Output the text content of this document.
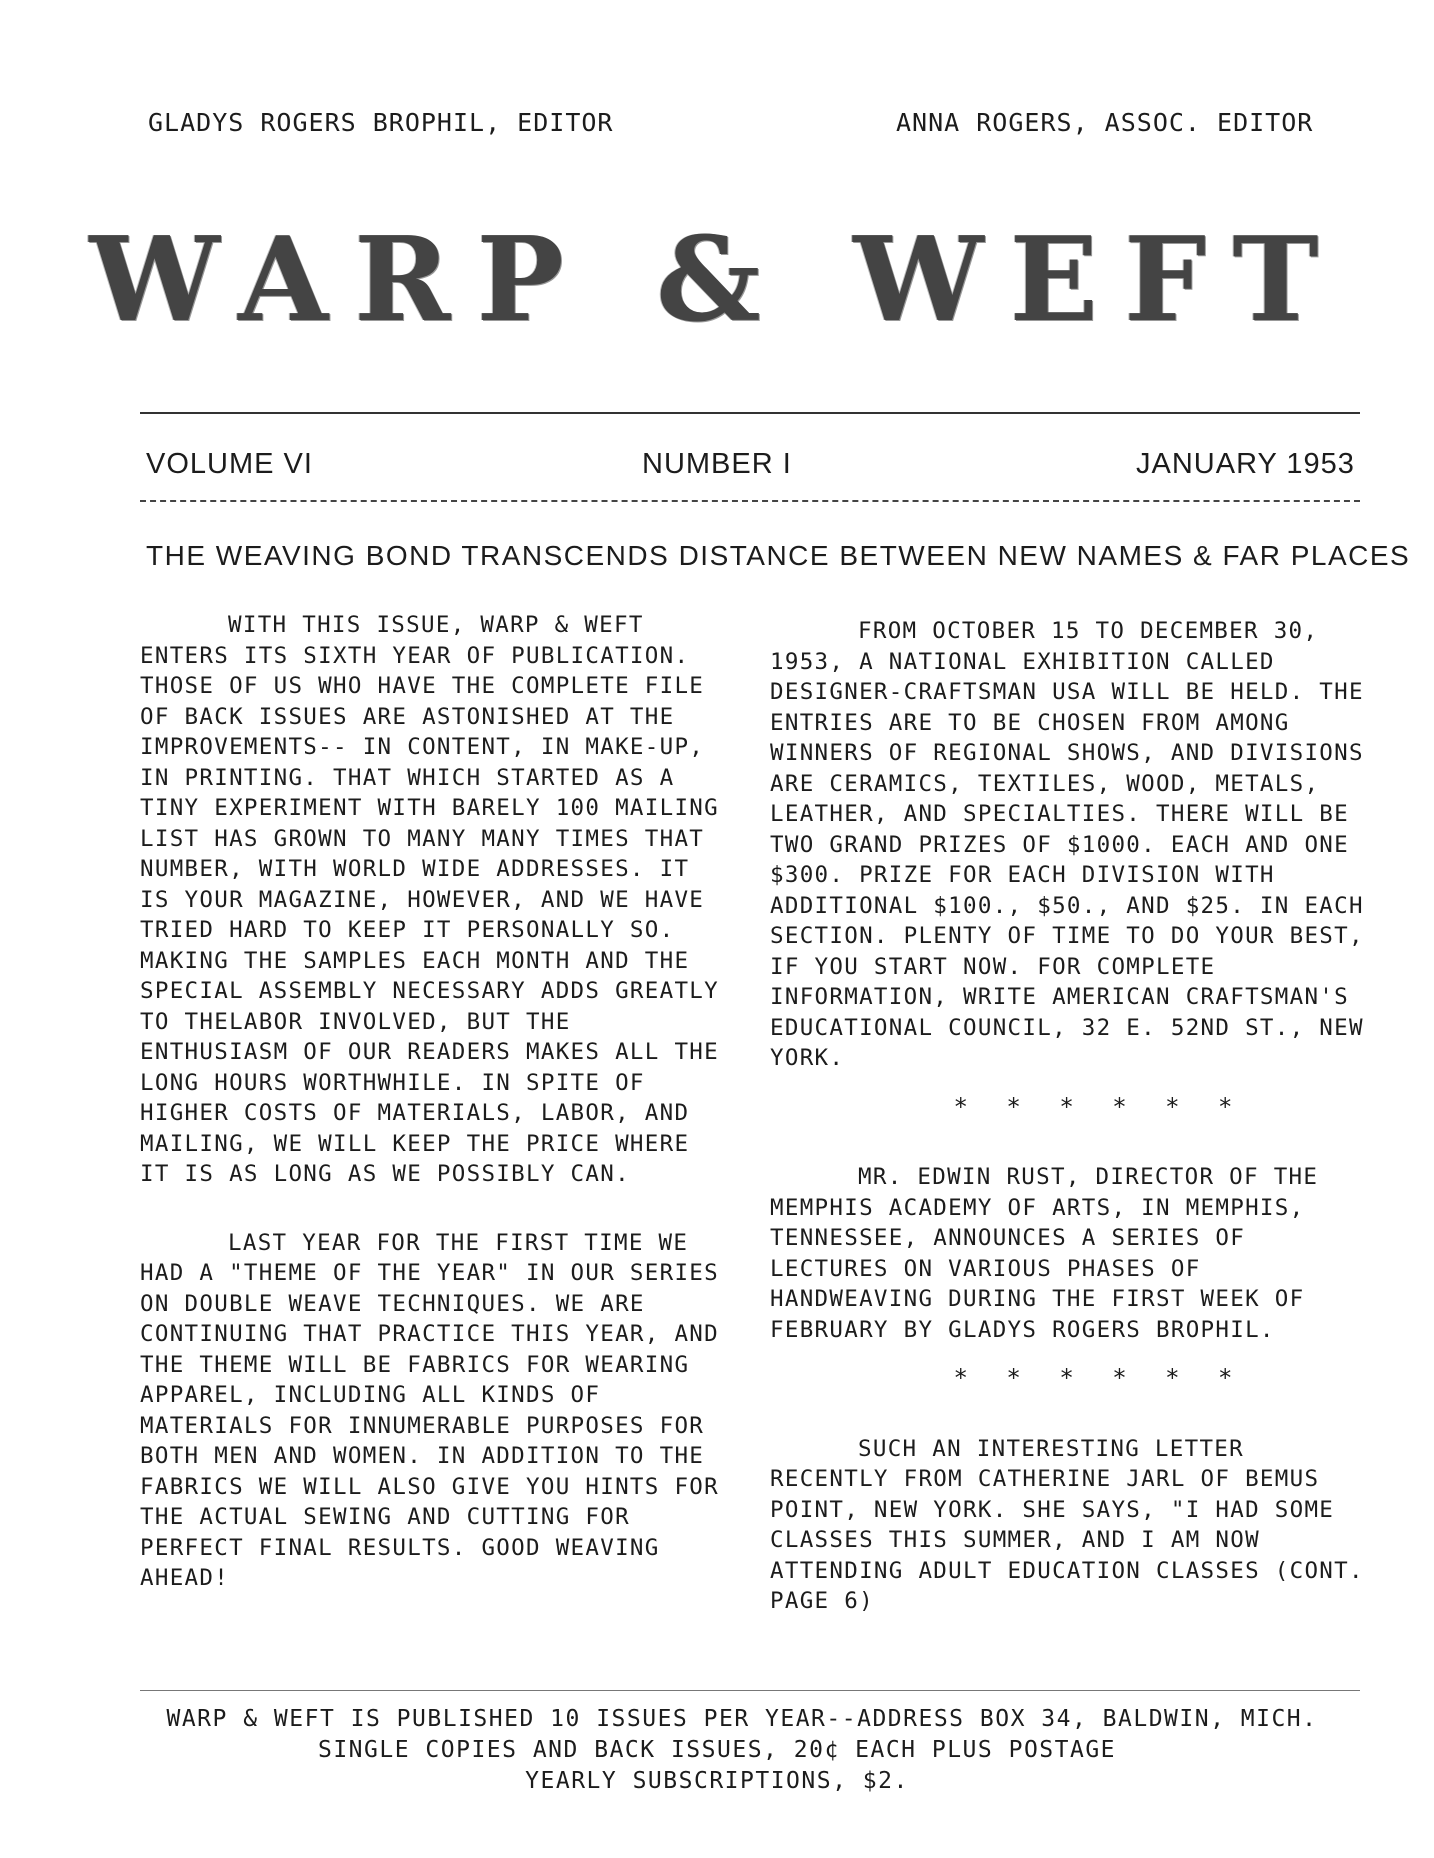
GLADYS ROGERS BROPHIL, EDITOR	ANNA ROGERS, ASSOC. EDITOR
WARP & WEFT
VOLUME VI	NUMBER I	JANUARY 1953
THE WEAVING BOND TRANSCENDS DISTANCE BETWEEN NEW NAMES & FAR PLACES

WITH THIS ISSUE, WARP & WEFT ENTERS ITS SIXTH YEAR OF PUBLICATION. THOSE OF US WHO HAVE THE COMPLETE FILE OF BACK ISSUES ARE ASTONISHED AT THE IMPROVEMENTS-- IN CONTENT, IN MAKE-UP, IN PRINTING. THAT WHICH STARTED AS A TINY EXPERIMENT WITH BARELY 100 MAILING LIST HAS GROWN TO MANY MANY TIMES THAT NUMBER, WITH WORLD WIDE ADDRESSES. IT IS YOUR MAGAZINE, HOWEVER, AND WE HAVE TRIED HARD TO KEEP IT PERSONALLY SO. MAKING THE SAMPLES EACH MONTH AND THE SPECIAL ASSEMBLY NECESSARY ADDS GREATLY TO THELABOR INVOLVED, BUT THE ENTHUSIASM OF OUR READERS MAKES ALL THE LONG HOURS WORTHWHILE. IN SPITE OF HIGHER COSTS OF MATERIALS, LABOR, AND MAILING, WE WILL KEEP THE PRICE WHERE IT IS AS LONG AS WE POSSIBLY CAN.

LAST YEAR FOR THE FIRST TIME WE HAD A "THEME OF THE YEAR" IN OUR SERIES ON DOUBLE WEAVE TECHNIQUES. WE ARE CONTINUING THAT PRACTICE THIS YEAR, AND THE THEME WILL BE FABRICS FOR WEARING APPAREL, INCLUDING ALL KINDS OF MATERIALS FOR INNUMERABLE PURPOSES FOR BOTH MEN AND WOMEN. IN ADDITION TO THE FABRICS WE WILL ALSO GIVE YOU HINTS FOR THE ACTUAL SEWING AND CUTTING FOR PERFECT FINAL RESULTS. GOOD WEAVING AHEAD!

FROM OCTOBER 15 TO DECEMBER 30, 1953, A NATIONAL EXHIBITION CALLED DESIGNER-CRAFTSMAN USA WILL BE HELD. THE ENTRIES ARE TO BE CHOSEN FROM AMONG WINNERS OF REGIONAL SHOWS, AND DIVISIONS ARE CERAMICS, TEXTILES, WOOD, METALS, LEATHER, AND SPECIALTIES. THERE WILL BE TWO GRAND PRIZES OF $1000. EACH AND ONE $300. PRIZE FOR EACH DIVISION WITH ADDITIONAL $100., $50., AND $25. IN EACH SECTION. PLENTY OF TIME TO DO YOUR BEST, IF YOU START NOW. FOR COMPLETE INFORMATION, WRITE AMERICAN CRAFTSMAN'S EDUCATIONAL COUNCIL, 32 E. 52ND ST., NEW YORK.

* * * * * *

MR. EDWIN RUST, DIRECTOR OF THE MEMPHIS ACADEMY OF ARTS, IN MEMPHIS, TENNESSEE, ANNOUNCES A SERIES OF LECTURES ON VARIOUS PHASES OF HANDWEAVING DURING THE FIRST WEEK OF FEBRUARY BY GLADYS ROGERS BROPHIL.

* * * * * *

SUCH AN INTERESTING LETTER RECENTLY FROM CATHERINE JARL OF BEMUS POINT, NEW YORK. SHE SAYS, "I HAD SOME CLASSES THIS SUMMER, AND I AM NOW ATTENDING ADULT EDUCATION CLASSES (CONT. PAGE 6)

WARP & WEFT IS PUBLISHED 10 ISSUES PER YEAR--ADDRESS BOX 34, BALDWIN, MICH.
SINGLE COPIES AND BACK ISSUES, 20¢ EACH PLUS POSTAGE
YEARLY SUBSCRIPTIONS, $2.
